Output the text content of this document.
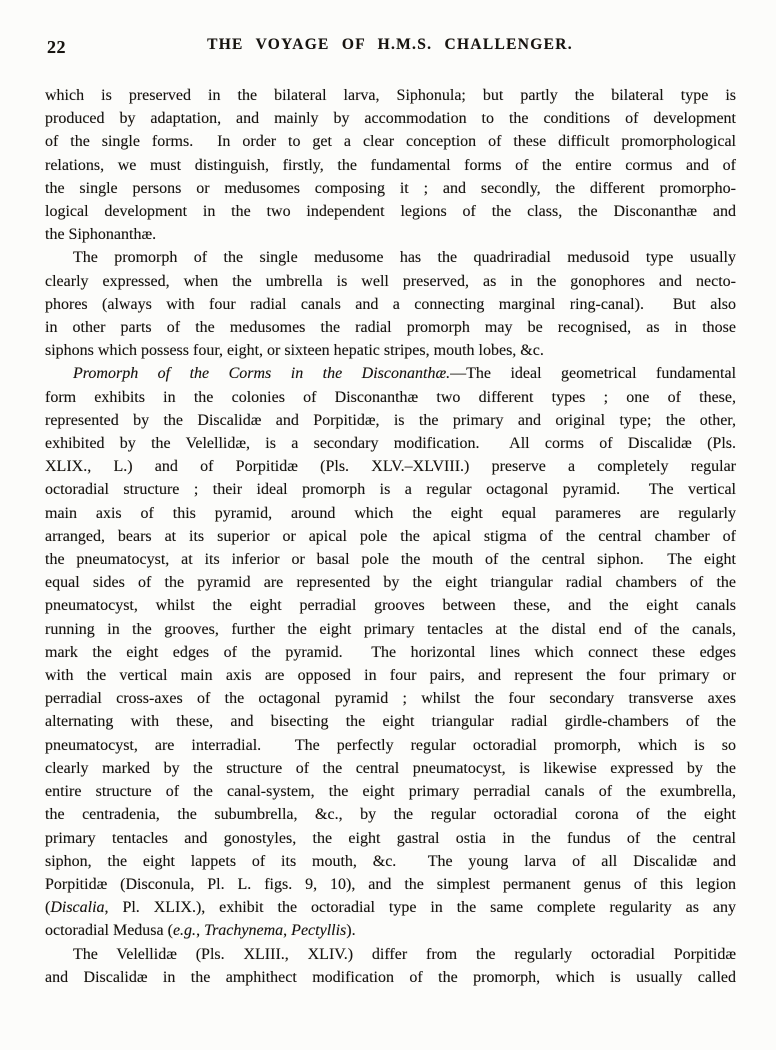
22	THE VOYAGE OF H.M.S. CHALLENGER.
which is preserved in the bilateral larva, Siphonula; but partly the bilateral type is
produced by adaptation, and mainly by accommodation to the conditions of development
of the single forms.  In order to get a clear conception of these difficult promorphological
relations, we must distinguish, firstly, the fundamental forms of the entire cormus and of
the single persons or medusomes composing it ; and secondly, the different promorpho-
logical development in the two independent legions of the class, the Disconanthæ and
the Siphonanthæ.
The promorph of the single medusome has the quadriradial medusoid type usually
clearly expressed, when the umbrella is well preserved, as in the gonophores and necto-
phores (always with four radial canals and a connecting marginal ring-canal).  But also
in other parts of the medusomes the radial promorph may be recognised, as in those
siphons which possess four, eight, or sixteen hepatic stripes, mouth lobes, &c.
Promorph of the Corms in the Disconanthæ.—The ideal geometrical fundamental
form exhibits in the colonies of Disconanthæ two different types ; one of these,
represented by the Discalidæ and Porpitidæ, is the primary and original type; the other,
exhibited by the Velellidæ, is a secondary modification.  All corms of Discalidæ (Pls.
XLIX., L.) and of Porpitidæ (Pls. XLV.–XLVIII.) preserve a completely regular
octoradial structure ; their ideal promorph is a regular octagonal pyramid.  The vertical
main axis of this pyramid, around which the eight equal parameres are regularly
arranged, bears at its superior or apical pole the apical stigma of the central chamber of
the pneumatocyst, at its inferior or basal pole the mouth of the central siphon.  The eight
equal sides of the pyramid are represented by the eight triangular radial chambers of the
pneumatocyst, whilst the eight perradial grooves between these, and the eight canals
running in the grooves, further the eight primary tentacles at the distal end of the canals,
mark the eight edges of the pyramid.  The horizontal lines which connect these edges
with the vertical main axis are opposed in four pairs, and represent the four primary or
perradial cross-axes of the octagonal pyramid ; whilst the four secondary transverse axes
alternating with these, and bisecting the eight triangular radial girdle-chambers of the
pneumatocyst, are interradial.  The perfectly regular octoradial promorph, which is so
clearly marked by the structure of the central pneumatocyst, is likewise expressed by the
entire structure of the canal-system, the eight primary perradial canals of the exumbrella,
the centradenia, the subumbrella, &c., by the regular octoradial corona of the eight
primary tentacles and gonostyles, the eight gastral ostia in the fundus of the central
siphon, the eight lappets of its mouth, &c.  The young larva of all Discalidæ and
Porpitidæ (Disconula, Pl. L. figs. 9, 10), and the simplest permanent genus of this legion
(Discalia, Pl. XLIX.), exhibit the octoradial type in the same complete regularity as any
octoradial Medusa (e.g., Trachynema, Pectyllis).
The Velellidæ (Pls. XLIII., XLIV.) differ from the regularly octoradial Porpitidæ
and Discalidæ in the amphithect modification of the promorph, which is usually called
